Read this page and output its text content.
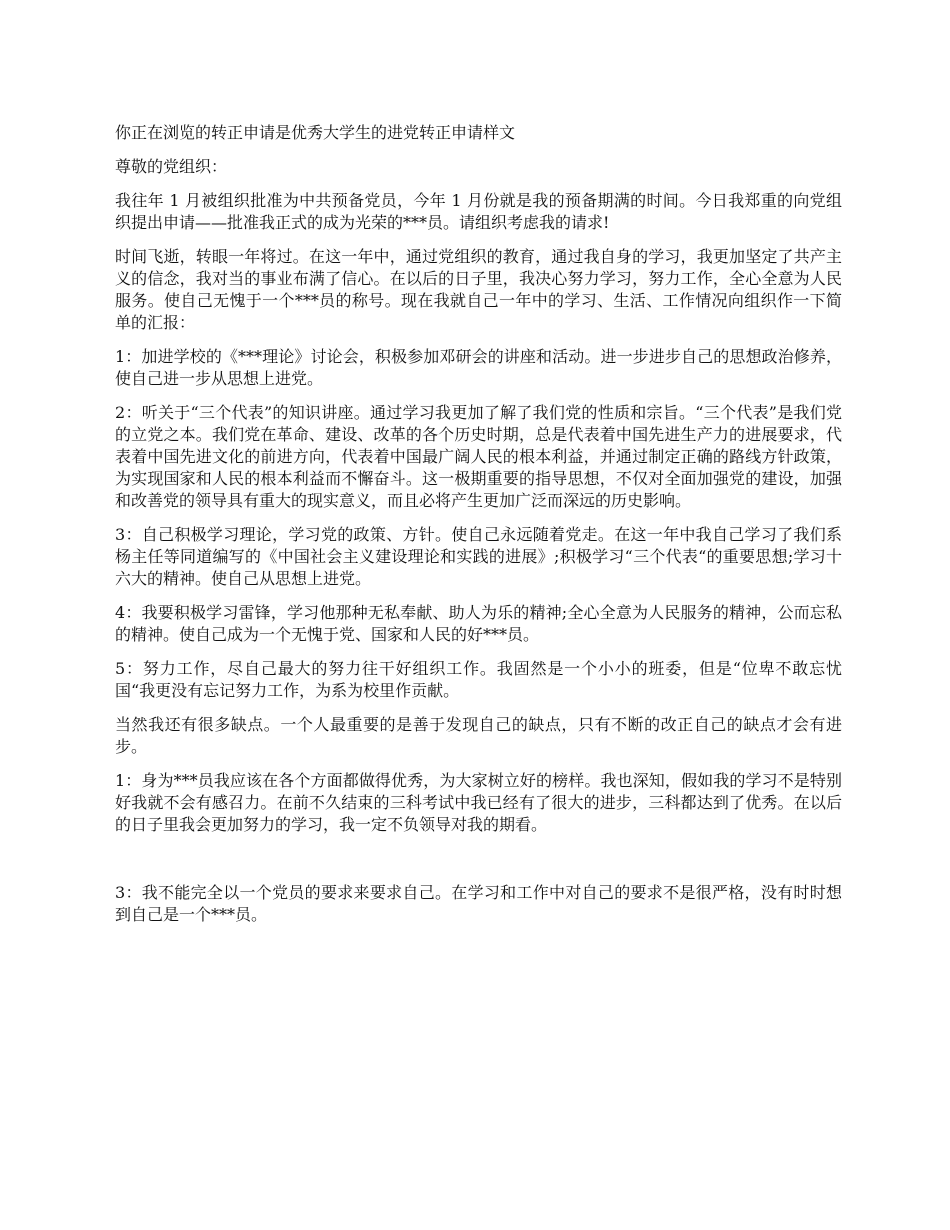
你正在浏览的转正申请是优秀大学生的进党转正申请样文

尊敬的党组织：

我往年 1 月被组织批准为中共预备党员，今年 1 月份就是我的预备期满的时间。今日我郑重的向党组织提出申请——批准我正式的成为光荣的***员。请组织考虑我的请求!

时间飞逝，转眼一年将过。在这一年中，通过党组织的教育，通过我自身的学习，我更加坚定了共产主义的信念，我对当的事业布满了信心。在以后的日子里，我决心努力学习，努力工作，全心全意为人民服务。使自己无愧于一个***员的称号。现在我就自己一年中的学习、生活、工作情况向组织作一下简单的汇报：

1：加进学校的《***理论》讨论会，积极参加邓研会的讲座和活动。进一步进步自己的思想政治修养，使自己进一步从思想上进党。

2：听关于“三个代表”的知识讲座。通过学习我更加了解了我们党的性质和宗旨。“三个代表”是我们党的立党之本。我们党在革命、建设、改革的各个历史时期，总是代表着中国先进生产力的进展要求，代表着中国先进文化的前进方向，代表着中国最广阔人民的根本利益，并通过制定正确的路线方针政策，为实现国家和人民的根本利益而不懈奋斗。这一极期重要的指导思想，不仅对全面加强党的建设，加强和改善党的领导具有重大的现实意义，而且必将产生更加广泛而深远的历史影响。

3：自己积极学习理论，学习党的政策、方针。使自己永远随着党走。在这一年中我自己学习了我们系杨主任等同道编写的《中国社会主义建设理论和实践的进展》;积极学习“三个代表“的重要思想;学习十六大的精神。使自己从思想上进党。

4：我要积极学习雷锋，学习他那种无私奉献、助人为乐的精神;全心全意为人民服务的精神，公而忘私的精神。使自己成为一个无愧于党、国家和人民的好***员。

5：努力工作，尽自己最大的努力往干好组织工作。我固然是一个小小的班委，但是“位卑不敢忘忧国“我更没有忘记努力工作，为系为校里作贡献。

当然我还有很多缺点。一个人最重要的是善于发现自己的缺点，只有不断的改正自己的缺点才会有进步。

1：身为***员我应该在各个方面都做得优秀，为大家树立好的榜样。我也深知，假如我的学习不是特别好我就不会有感召力。在前不久结束的三科考试中我已经有了很大的进步，三科都达到了优秀。在以后的日子里我会更加努力的学习，我一定不负领导对我的期看。

3：我不能完全以一个党员的要求来要求自己。在学习和工作中对自己的要求不是很严格，没有时时想到自己是一个***员。
